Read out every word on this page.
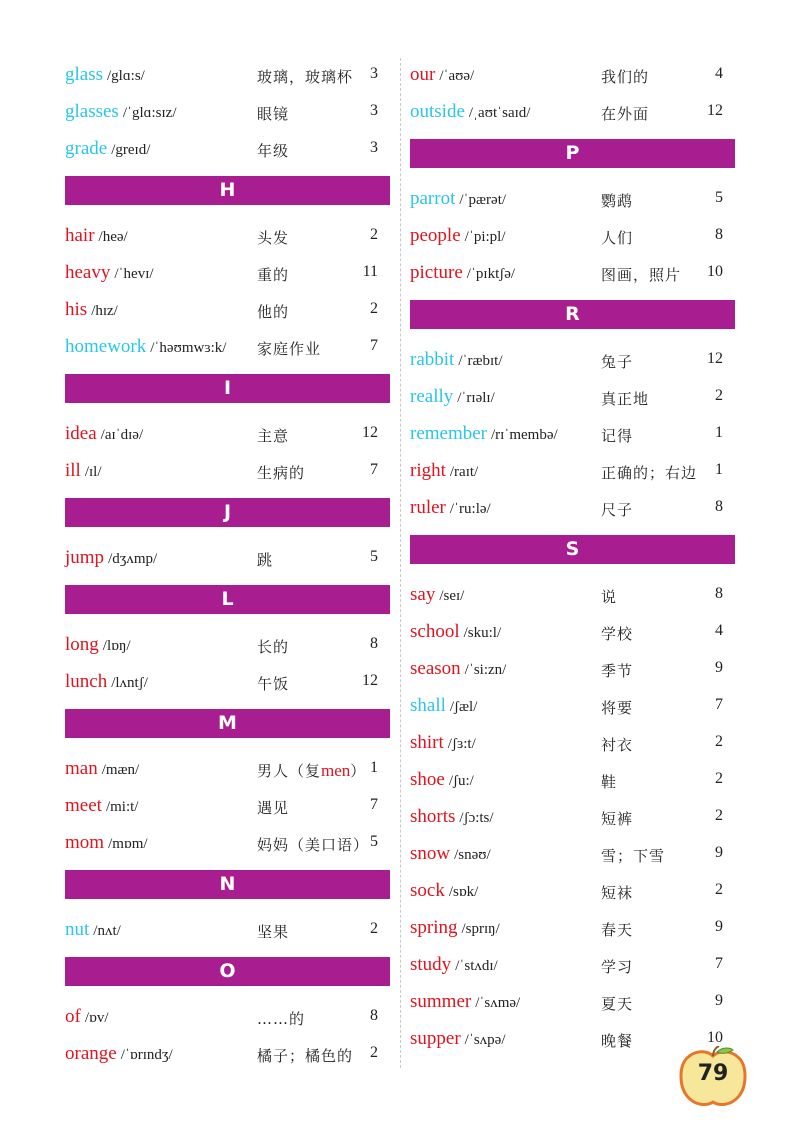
glass /glɑ:s/	玻璃，玻璃杯 3
glasses /ˈglɑ:sɪz/	眼镜	3
grade /greɪd/	年级	3
H
hair /heə/	头发	2
heavy /ˈhevɪ/	重的	11
his /hɪz/	他的	2
homework /ˈhəʊmwɜ:k/ 家庭作业	7
I
idea /aɪˈdɪə/	主意	12
ill /ɪl/	生病的	7
J
jump /dʒʌmp/	跳	5
L
long /lɒŋ/	长的	8
lunch /lʌntʃ/	午饭	12
M
man /mæn/	男人（复men） 1
meet /mi:t/	遇见	7
mom /mɒm/	妈妈（美口语） 5
N
nut /nʌt/	坚果	2
O
of /ɒv/	……的	8
orange /ˈɒrɪndʒ/	橘子；橘色的 2
our /ˈaʊə/	我们的	4
outside /ˌaʊtˈsaɪd/	在外面	12
P
parrot /ˈpærət/	鹦鹉	5
people /ˈpi:pl/	人们	8
picture /ˈpɪktʃə/	图画，照片 10
R
rabbit /ˈræbɪt/	兔子	12
really /ˈrɪəlɪ/	真正地	2
remember /rɪˈmembə/	记得	1
right /raɪt/	正确的；右边 1
ruler /ˈru:lə/	尺子	8
S
say /seɪ/	说	8
school /sku:l/	学校	4
season /ˈsi:zn/	季节	9
shall /ʃæl/	将要	7
shirt /ʃɜ:t/	衬衣	2
shoe /ʃu:/	鞋	2
shorts /ʃɔ:ts/	短裤	2
snow /snəʊ/	雪；下雪	9
sock /sɒk/	短袜	2
spring /sprɪŋ/	春天	9
study /ˈstʌdɪ/	学习	7
summer /ˈsʌmə/	夏天	9
supper /ˈsʌpə/	晚餐	10
79
